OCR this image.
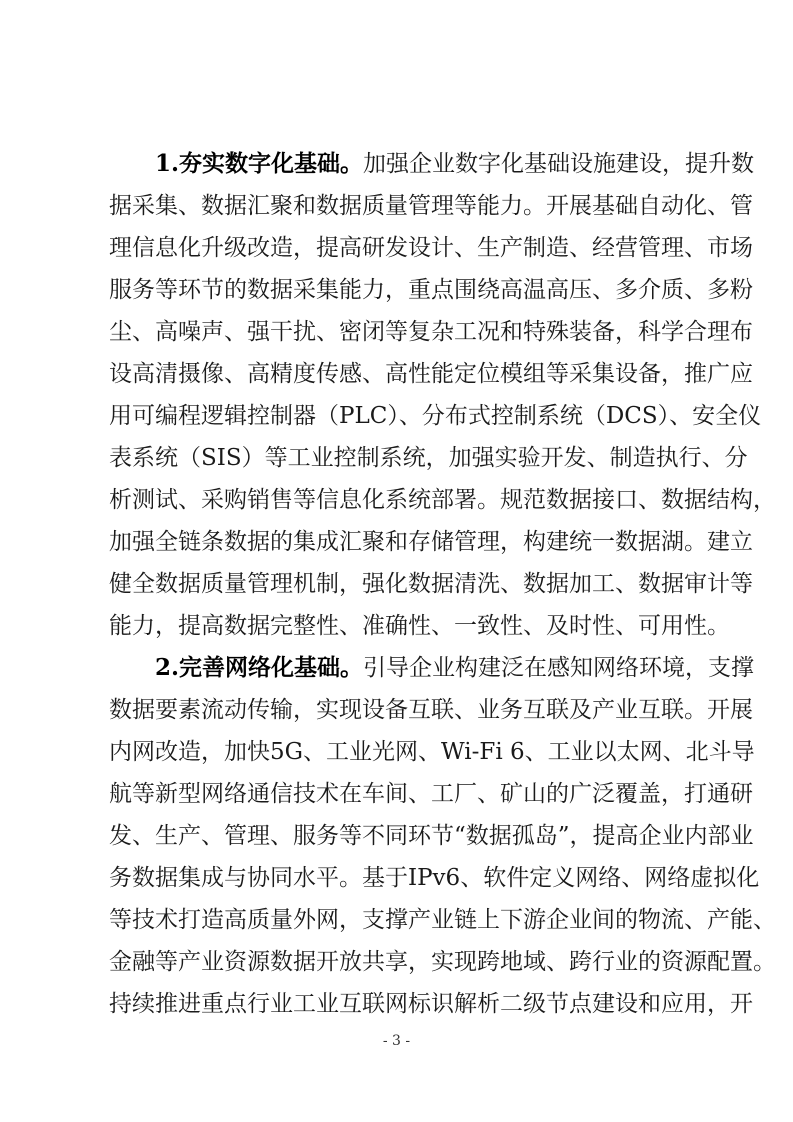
1.夯实数字化基础。加强企业数字化基础设施建设，提升数
据采集、数据汇聚和数据质量管理等能力。开展基础自动化、管
理信息化升级改造，提高研发设计、生产制造、经营管理、市场
服务等环节的数据采集能力，重点围绕高温高压、多介质、多粉
尘、高噪声、强干扰、密闭等复杂工况和特殊装备，科学合理布
设高清摄像、高精度传感、高性能定位模组等采集设备，推广应
用可编程逻辑控制器（PLC）、分布式控制系统（DCS）、安全仪
表系统（SIS）等工业控制系统，加强实验开发、制造执行、分
析测试、采购销售等信息化系统部署。规范数据接口、数据结构，
加强全链条数据的集成汇聚和存储管理，构建统一数据湖。建立
健全数据质量管理机制，强化数据清洗、数据加工、数据审计等
能力，提高数据完整性、准确性、一致性、及时性、可用性。
2.完善网络化基础。引导企业构建泛在感知网络环境，支撑
数据要素流动传输，实现设备互联、业务互联及产业互联。开展
内网改造，加快5G、工业光网、Wi-Fi 6、工业以太网、北斗导
航等新型网络通信技术在车间、工厂、矿山的广泛覆盖，打通研
发、生产、管理、服务等不同环节“数据孤岛”，提高企业内部业
务数据集成与协同水平。基于IPv6、软件定义网络、网络虚拟化
等技术打造高质量外网，支撑产业链上下游企业间的物流、产能、
金融等产业资源数据开放共享，实现跨地域、跨行业的资源配置。
持续推进重点行业工业互联网标识解析二级节点建设和应用，开
- 3 -
